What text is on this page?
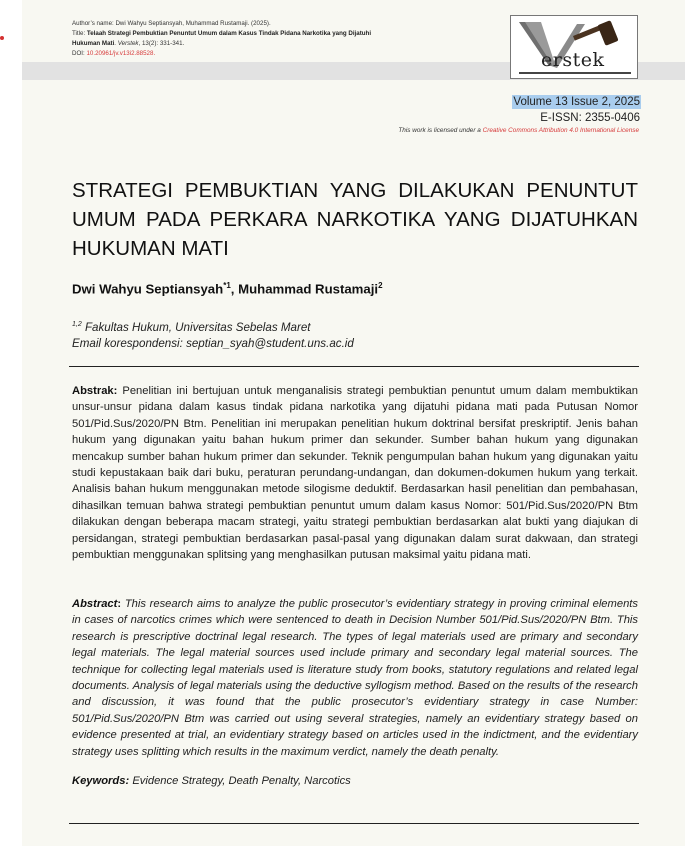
Author’s name: Dwi Wahyu Septiansyah, Muhammad Rustamaji. (2025).
Title: Telaah Strategi Pembuktian Penuntut Umum dalam Kasus Tindak Pidana Narkotika yang Dijatuhi Hukuman Mati. Verstek, 13(2): 331-341.
DOI: 10.20961/jv.v13i2.88528.	erstek
Volume 13 Issue 2, 2025
E-ISSN: 2355-0406
This work is licensed under a Creative Commons Attribution 4.0 International License
STRATEGI PEMBUKTIAN YANG DILAKUKAN PENUNTUT UMUM PADA PERKARA NARKOTIKA YANG DIJATUHKAN HUKUMAN MATI
Dwi Wahyu Septiansyah$^{*1}$, Muhammad Rustamaji$^2$
$^{1,2}$ Fakultas Hukum, Universitas Sebelas Maret
Email korespondensi: septian_syah@student.uns.ac.id
Abstrak: Penelitian ini bertujuan untuk menganalisis strategi pembuktian penuntut umum dalam membuktikan unsur-unsur pidana dalam kasus tindak pidana narkotika yang dijatuhi pidana mati pada Putusan Nomor 501/Pid.Sus/2020/PN Btm. Penelitian ini merupakan penelitian hukum doktrinal bersifat preskriptif. Jenis bahan hukum yang digunakan yaitu bahan hukum primer dan sekunder. Sumber bahan hukum yang digunakan mencakup sumber bahan hukum primer dan sekunder. Teknik pengumpulan bahan hukum yang digunakan yaitu studi kepustakaan baik dari buku, peraturan perundang-undangan, dan dokumen-dokumen hukum yang terkait. Analisis bahan hukum menggunakan metode silogisme deduktif. Berdasarkan hasil penelitian dan pembahasan, dihasilkan temuan bahwa strategi pembuktian penuntut umum dalam kasus Nomor: 501/Pid.Sus/2020/PN Btm dilakukan dengan beberapa macam strategi, yaitu strategi pembuktian berdasarkan alat bukti yang diajukan di persidangan, strategi pembuktian berdasarkan pasal-pasal yang digunakan dalam surat dakwaan, dan strategi pembuktian menggunakan splitsing yang menghasilkan putusan maksimal yaitu pidana mati.
Abstract: This research aims to analyze the public prosecutor’s evidentiary strategy in proving criminal elements in cases of narcotics crimes which were sentenced to death in Decision Number 501/Pid.Sus/2020/PN Btm. This research is prescriptive doctrinal legal research. The types of legal materials used are primary and secondary legal materials. The legal material sources used include primary and secondary legal material sources. The technique for collecting legal materials used is literature study from books, statutory regulations and related legal documents. Analysis of legal materials using the deductive syllogism method. Based on the results of the research and discussion, it was found that the public prosecutor’s evidentiary strategy in case Number: 501/Pid.Sus/2020/PN Btm was carried out using several strategies, namely an evidentiary strategy based on evidence presented at trial, an evidentiary strategy based on articles used in the indictment, and the evidentiary strategy uses splitting which results in the maximum verdict, namely the death penalty.
Keywords: Evidence Strategy, Death Penalty, Narcotics
